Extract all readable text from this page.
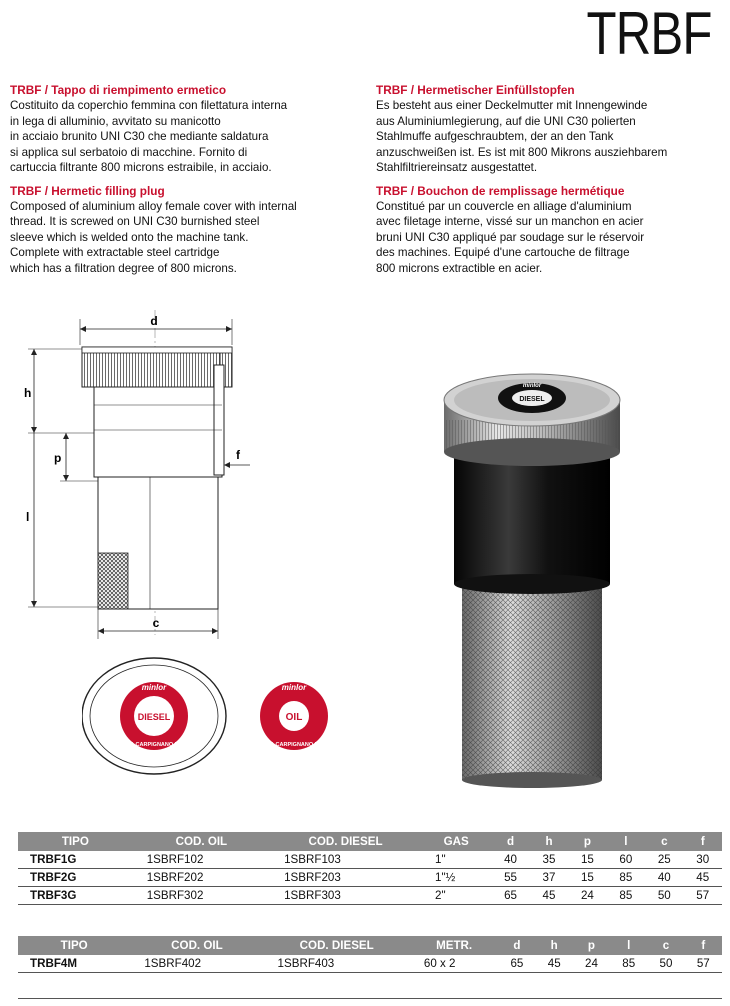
TRBF
TRBF / Tappo di riempimento ermetico

Costituito da coperchio femmina con filettatura interna
in lega di alluminio, avvitato su manicotto
in acciaio brunito UNI C30 che mediante saldatura
si applica sul serbatoio di macchine. Fornito di
cartuccia filtrante 800 microns estraibile, in acciaio.

TRBF / Hermetic filling plug

Composed of aluminium alloy female cover with internal
thread. It is screwed on UNI C30 burnished steel
sleeve which is welded onto the machine tank.
Complete with extractable steel cartridge
which has a filtration degree of 800 microns.

TRBF / Hermetischer Einfüllstopfen

Es besteht aus einer Deckelmutter mit Innengewinde
aus Aluminiumlegierung, auf die UNI C30 polierten
Stahlmuffe aufgeschraubtem, der an den Tank
anzuschweißen ist. Es ist mit 800 Mikrons ausziehbarem
Stahlfiltriereinsatz ausgestattet.

TRBF / Bouchon de remplissage hermétique

Constitué par un couvercle en alliage d'aluminium
avec filetage interne, vissé sur un manchon en acier
bruni UNI C30 appliqué par soudage sur le réservoir
des machines. Equipé d'une cartouche de filtrage
800 microns extractible en acier.

d
h
p
l
f
c
minlor
DIESEL
CURA CARPIGNANO ITALY
minlor
OIL
CURA CARPIGNANO ITALY
minlor
DIESEL
TIPO	COD. OIL	COD. DIESEL	GAS	d	h	p	l	c	f
TRBF1G	1SBRF102	1SBRF103	1"	40	35	15	60	25	30
TRBF2G	1SBRF202	1SBRF203	1"½	55	37	15	85	40	45
TRBF3G	1SBRF302	1SBRF303	2"	65	45	24	85	50	57
TIPO	COD. OIL	COD. DIESEL	METR.	d	h	p	l	c	f
TRBF4M	1SBRF402	1SBRF403	60 x 2	65	45	24	85	50	57
